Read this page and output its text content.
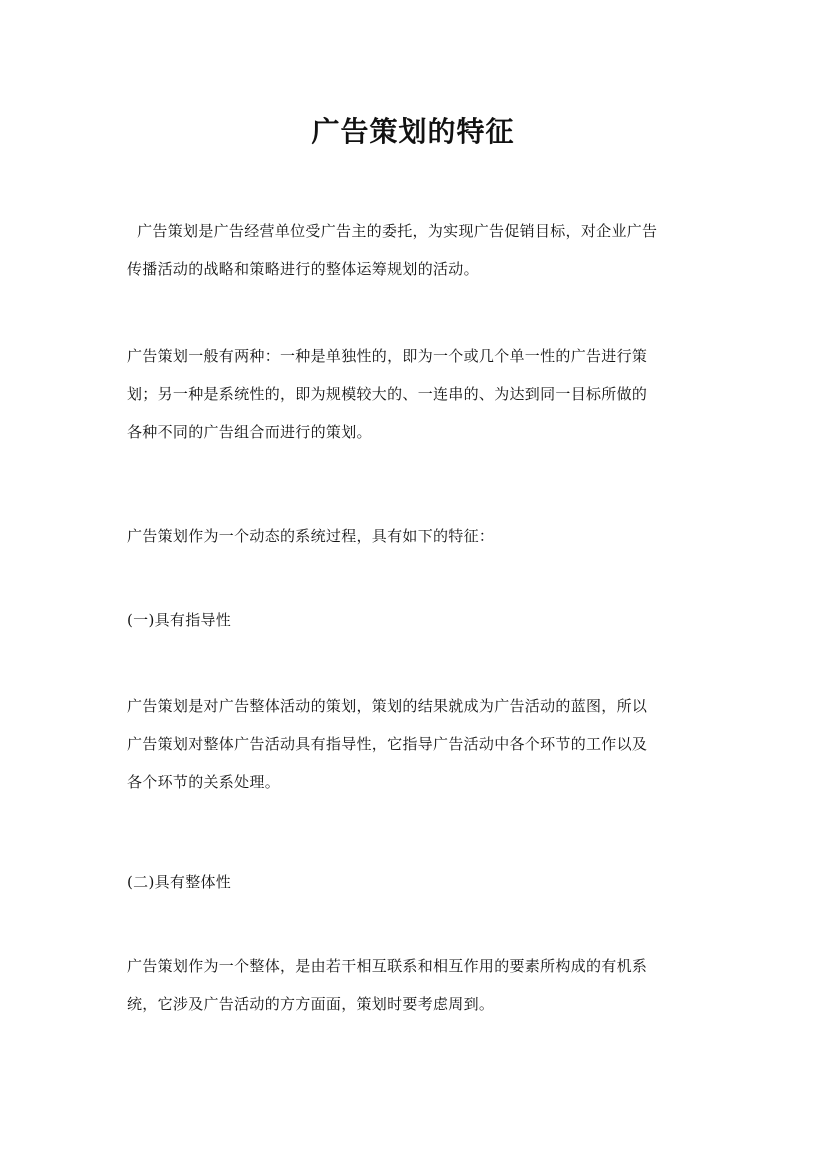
广告策划的特征

广告策划是广告经营单位受广告主的委托，为实现广告促销目标，对企业广告
传播活动的战略和策略进行的整体运筹规划的活动。

广告策划一般有两种：一种是单独性的，即为一个或几个单一性的广告进行策
划；另一种是系统性的，即为规模较大的、一连串的、为达到同一目标所做的
各种不同的广告组合而进行的策划。

广告策划作为一个动态的系统过程，具有如下的特征：

(一)具有指导性

广告策划是对广告整体活动的策划，策划的结果就成为广告活动的蓝图，所以
广告策划对整体广告活动具有指导性，它指导广告活动中各个环节的工作以及
各个环节的关系处理。

(二)具有整体性

广告策划作为一个整体，是由若干相互联系和相互作用的要素所构成的有机系
统，它涉及广告活动的方方面面，策划时要考虑周到。
